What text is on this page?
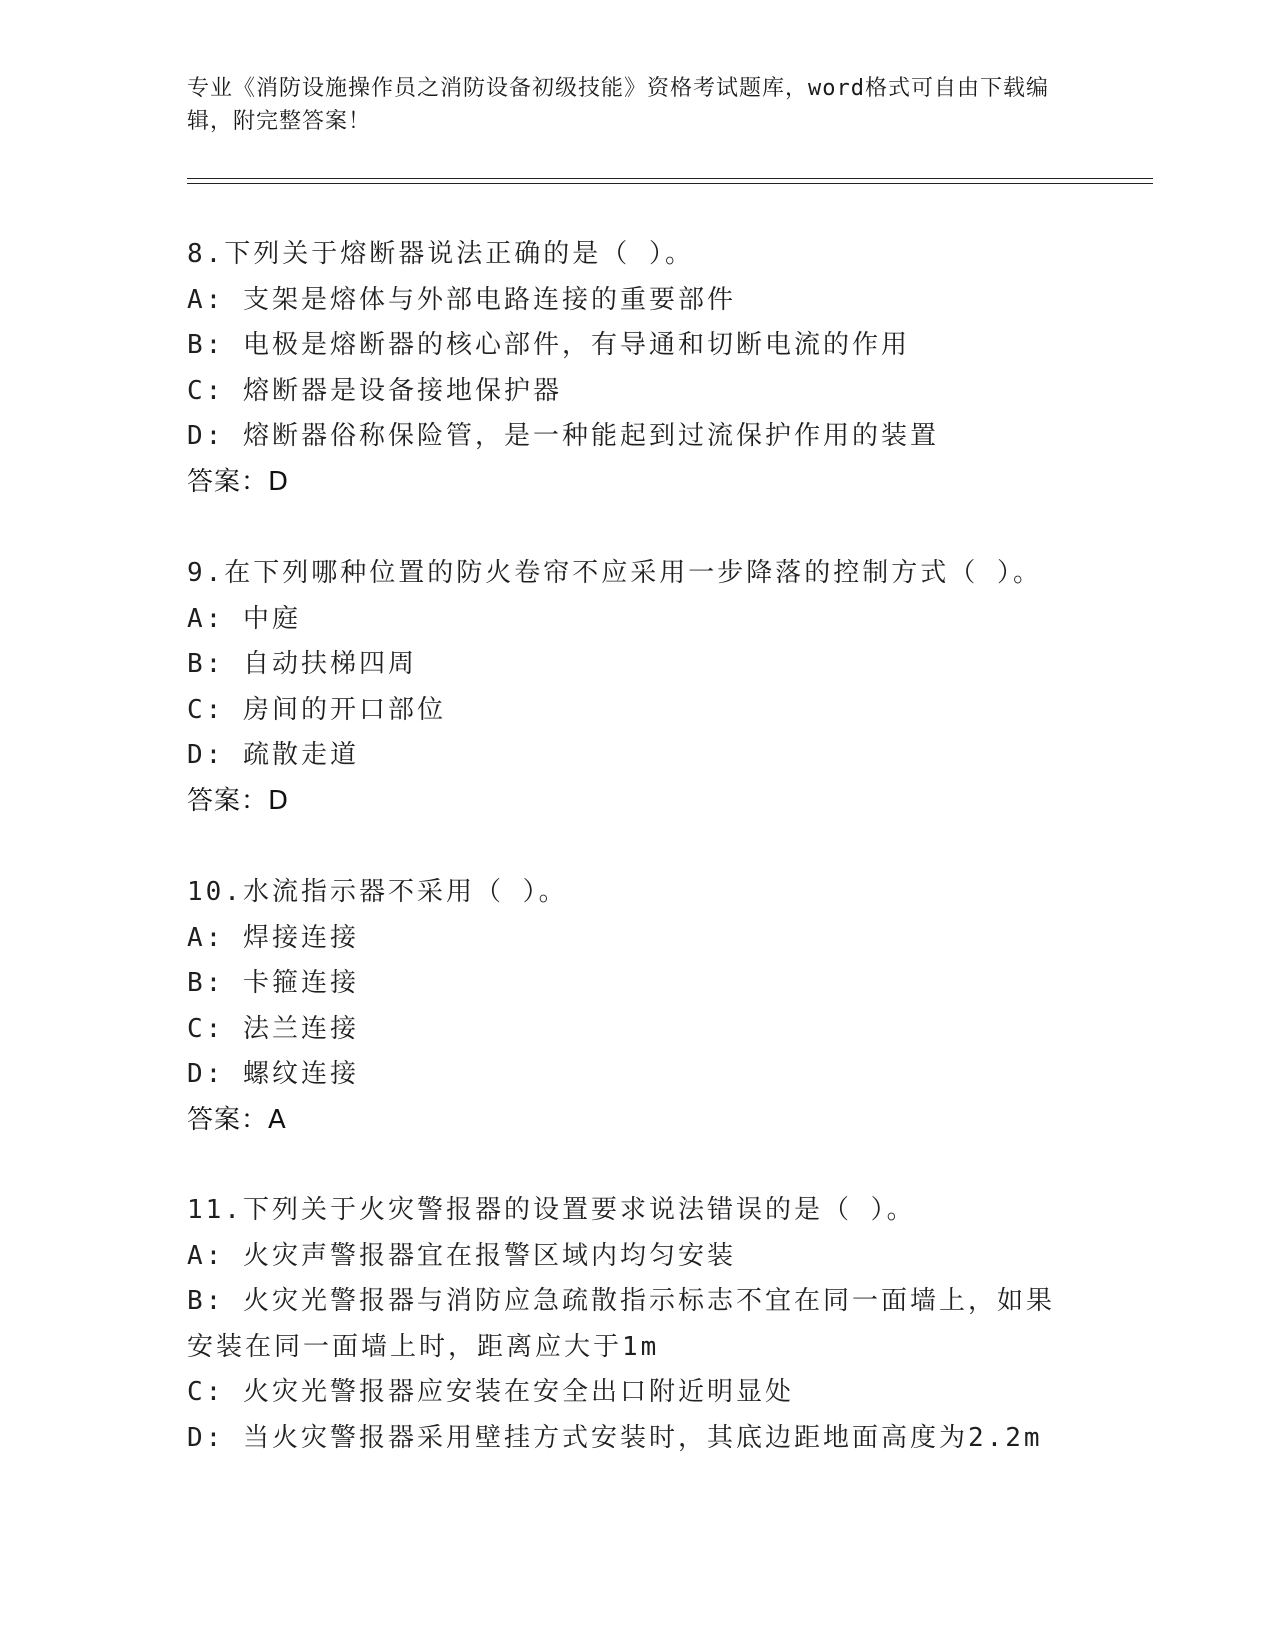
专业《消防设施操作员之消防设备初级技能》资格考试题库，word格式可自由下载编辑，附完整答案！
8.下列关于熔断器说法正确的是（ ）。
A: 支架是熔体与外部电路连接的重要部件
B: 电极是熔断器的核心部件，有导通和切断电流的作用
C: 熔断器是设备接地保护器
D: 熔断器俗称保险管，是一种能起到过流保护作用的装置
答案：D
9.在下列哪种位置的防火卷帘不应采用一步降落的控制方式（ ）。
A: 中庭
B: 自动扶梯四周
C: 房间的开口部位
D: 疏散走道
答案：D
10.水流指示器不采用（ ）。
A: 焊接连接
B: 卡箍连接
C: 法兰连接
D: 螺纹连接
答案：A
11.下列关于火灾警报器的设置要求说法错误的是（ ）。
A: 火灾声警报器宜在报警区域内均匀安装
B: 火灾光警报器与消防应急疏散指示标志不宜在同一面墙上，如果安装在同一面墙上时，距离应大于1m
C: 火灾光警报器应安装在安全出口附近明显处
D: 当火灾警报器采用壁挂方式安装时，其底边距地面高度为2.2m
